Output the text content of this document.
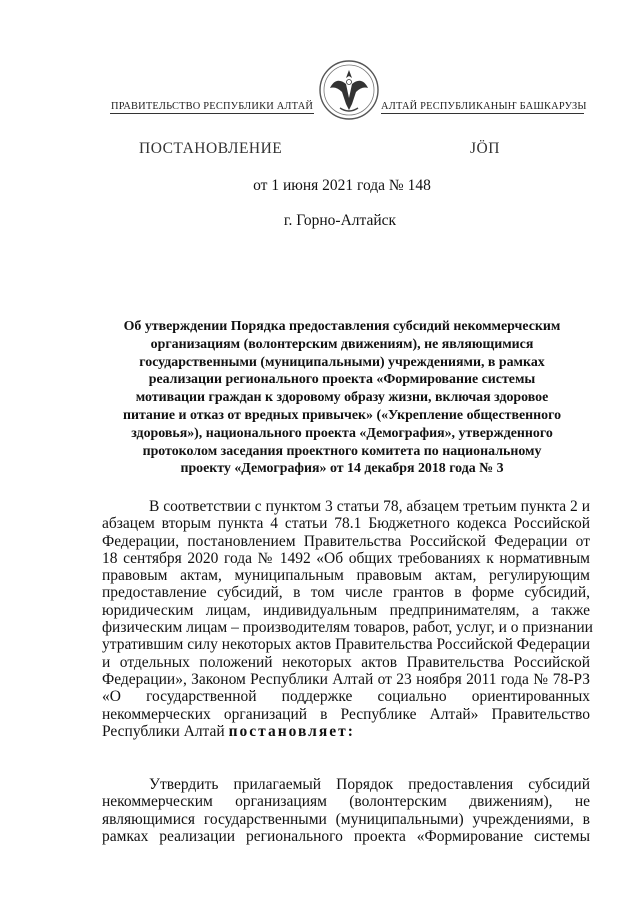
ПРАВИТЕЛЬСТВО РЕСПУБЛИКИ АЛТАЙ	АЛТАЙ РЕСПУБЛИКАНЫҤ БАШКАРУЗЫ
ПОСТАНОВЛЕНИЕ	ЈӦП
от 1 июня 2021 года № 148
г. Горно-Алтайск
Об утверждении Порядка предоставления субсидий некоммерческим
организациям (волонтерским движениям), не являющимися
государственными (муниципальными) учреждениями, в рамках
реализации регионального проекта «Формирование системы
мотивации граждан к здоровому образу жизни, включая здоровое
питание и отказ от вредных привычек» («Укрепление общественного
здоровья»), национального проекта «Демография», утвержденного
протоколом заседания проектного комитета по национальному
проекту «Демография» от 14 декабря 2018 года № 3
В соответствии с пунктом 3 статьи 78, абзацем третьим пункта 2 и
абзацем вторым пункта 4 статьи 78.1 Бюджетного кодекса Российской
Федерации, постановлением Правительства Российской Федерации от
18 сентября 2020 года № 1492 «Об общих требованиях к нормативным
правовым актам, муниципальным правовым актам, регулирующим
предоставление субсидий, в том числе грантов в форме субсидий,
юридическим лицам, индивидуальным предпринимателям, а также
физическим лицам – производителям товаров, работ, услуг, и о признании
утратившим силу некоторых актов Правительства Российской Федерации
и отдельных положений некоторых актов Правительства Российской
Федерации», Законом Республики Алтай от 23 ноября 2011 года № 78-РЗ
«О государственной поддержке социально ориентированных
некоммерческих организаций в Республике Алтай» Правительство
Республики Алтай постановляет:
Утвердить прилагаемый Порядок предоставления субсидий
некоммерческим организациям (волонтерским движениям), не
являющимися государственными (муниципальными) учреждениями, в
рамках реализации регионального проекта «Формирование системы
